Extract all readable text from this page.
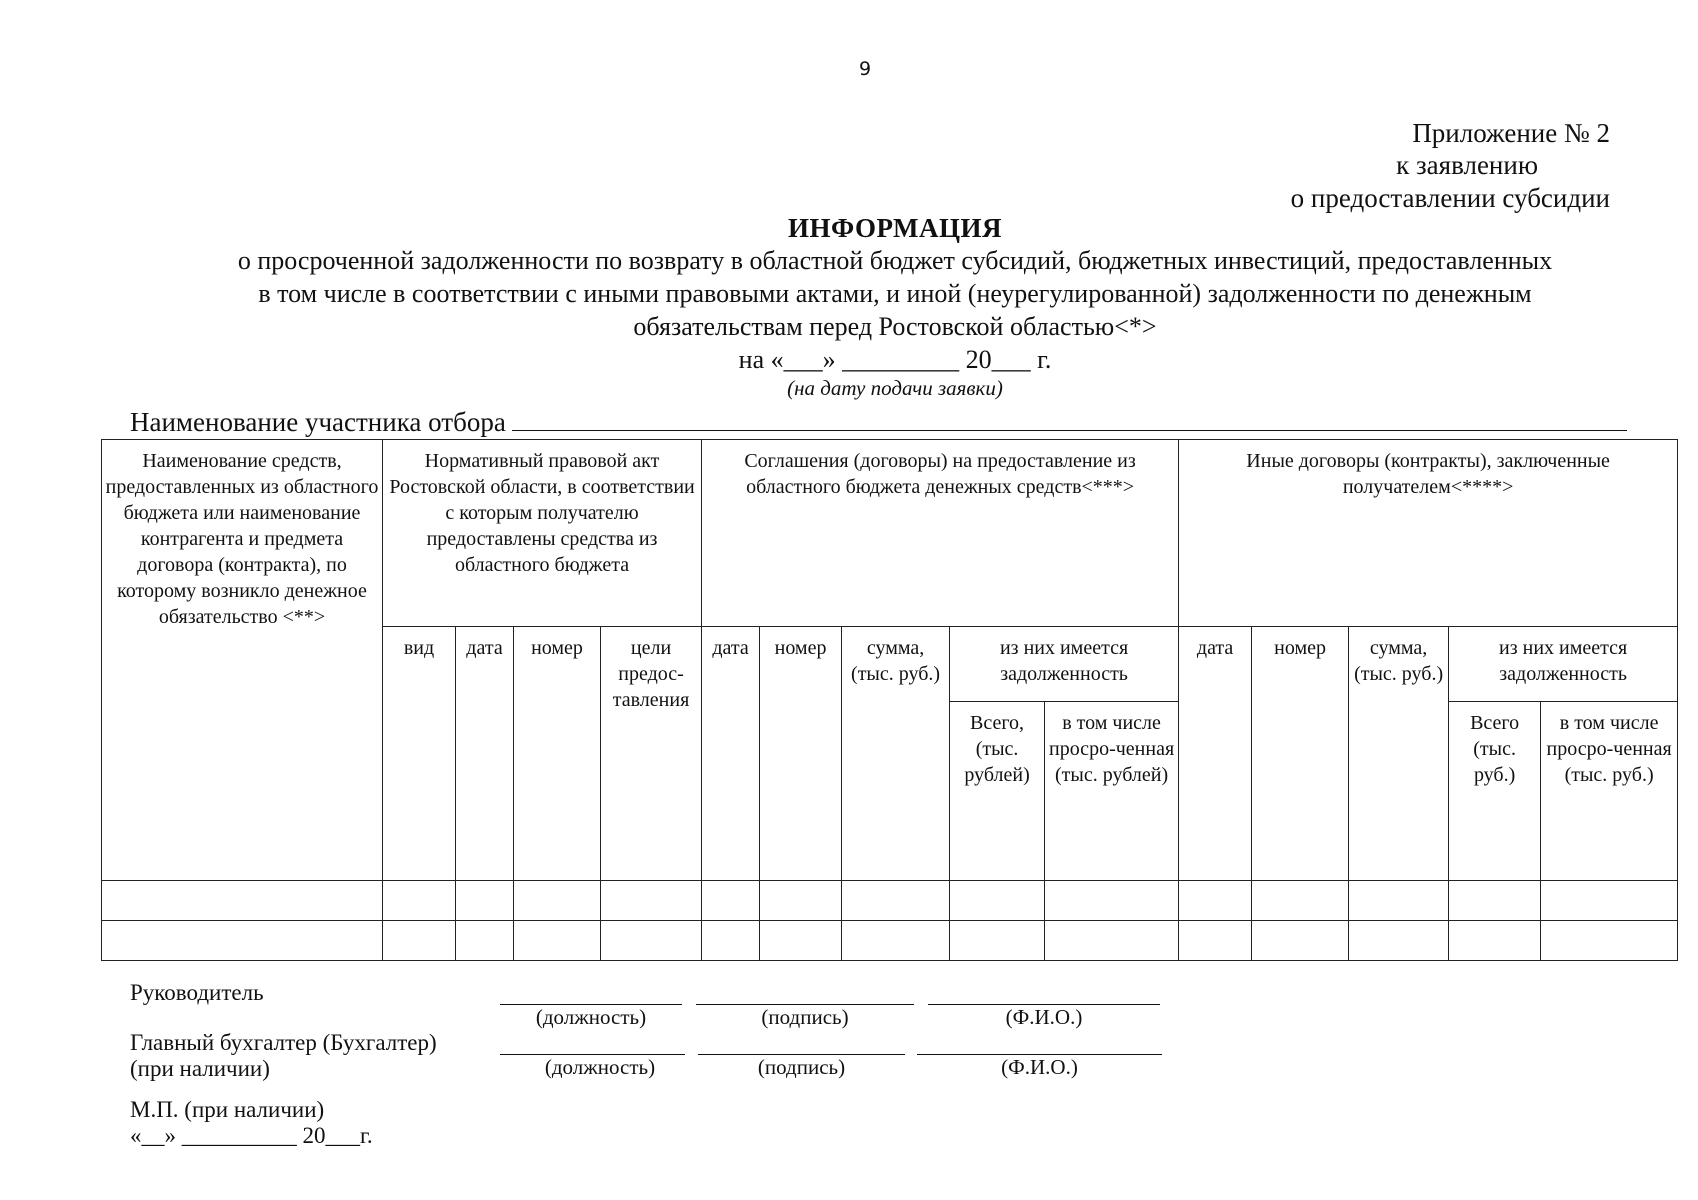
9
Приложение № 2
к заявлению
о предоставлении субсидии
ИНФОРМАЦИЯ
о просроченной задолженности по возврату в областной бюджет субсидий, бюджетных инвестиций, предоставленных
в том числе в соответствии с иными правовыми актами, и иной (неурегулированной) задолженности по денежным
обязательствам перед Ростовской областью<*>
на «___» _________ 20___ г.
(на дату подачи заявки)
Наименование участника отбора
Наименование средств, предоставленных из областного бюджета или наименование контрагента и предмета договора (контракта), по которому возникло денежное обязательство <**>	Нормативный правовой акт Ростовской области, в соответствии с которым получателю предоставлены средства из областного бюджета				Соглашения (договоры) на предоставление из областного бюджета денежных средств<***>					Иные договоры (контракты), заключенные получателем<****>				
	вид	дата	номер	цели предос-тавления	дата	номер	сумма, (тыс. руб.)	из них имеется задолженность		дата	номер	сумма, (тыс. руб.)	из них имеется задолженность	
								Всего, (тыс. рублей)	в том числе просро-ченная (тыс. рублей)				Всего (тыс. руб.)	в том числе просро-ченная (тыс. руб.)

Руководитель
(должность)	(подпись)	(Ф.И.О.)
Главный бухгалтер (Бухгалтер)
(при наличии)	(должность)	(подпись)	(Ф.И.О.)
М.П. (при наличии)
«__» __________ 20___г.
